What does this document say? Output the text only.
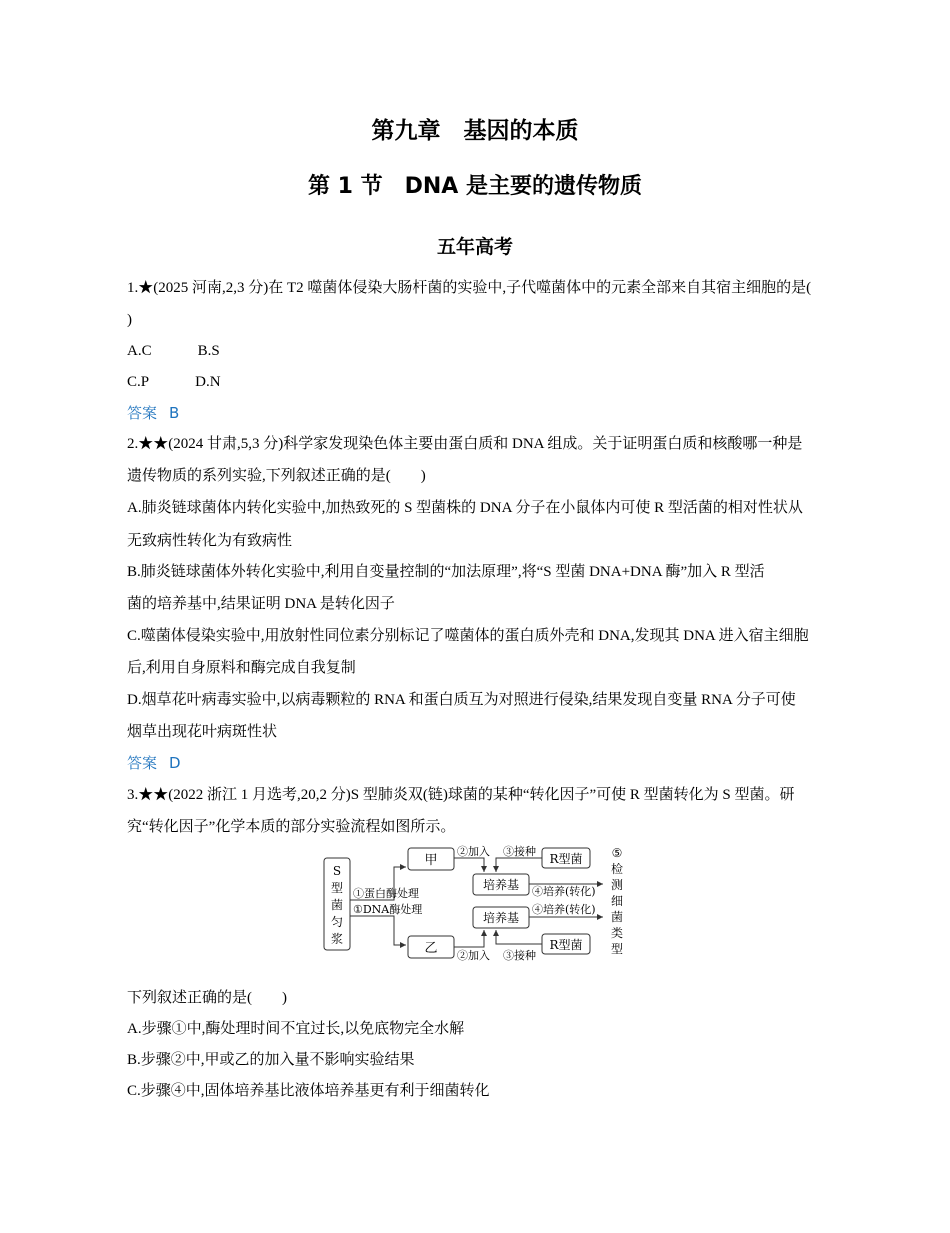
第九章　基因的本质
第 1 节　DNA 是主要的遗传物质
五年高考
1.★(2025 河南,2,3 分)在 T2 噬菌体侵染大肠杆菌的实验中,子代噬菌体中的元素全部来自其宿主细胞的是(
)
A.C	B.S
C.P	D.N
答案 B
2.★★(2024 甘肃,5,3 分)科学家发现染色体主要由蛋白质和 DNA 组成。关于证明蛋白质和核酸哪一种是
遗传物质的系列实验,下列叙述正确的是(　　)
A.肺炎链球菌体内转化实验中,加热致死的 S 型菌株的 DNA 分子在小鼠体内可使 R 型活菌的相对性状从
无致病性转化为有致病性
B.肺炎链球菌体外转化实验中,利用自变量控制的“加法原理”,将“S 型菌 DNA+DNA 酶”加入 R 型活
菌的培养基中,结果证明 DNA 是转化因子
C.噬菌体侵染实验中,用放射性同位素分别标记了噬菌体的蛋白质外壳和 DNA,发现其 DNA 进入宿主细胞
后,利用自身原料和酶完成自我复制
D.烟草花叶病毒实验中,以病毒颗粒的 RNA 和蛋白质互为对照进行侵染,结果发现自变量 RNA 分子可使
烟草出现花叶病斑性状
答案 D
3.★★(2022 浙江 1 月选考,20,2 分)S 型肺炎双(链)球菌的某种“转化因子”可使 R 型菌转化为 S 型菌。研
究“转化因子”化学本质的部分实验流程如图所示。
S
型
菌
匀
浆
①蛋白酶处理
①DNA酶处理
甲
乙
培养基
培养基
R型菌
R型菌
②加入 ③接种
②加入 ③接种
④培养(转化)
④培养(转化)
⑤
检
测
细
菌
类
型
下列叙述正确的是(　　)
A.步骤①中,酶处理时间不宜过长,以免底物完全水解
B.步骤②中,甲或乙的加入量不影响实验结果
C.步骤④中,固体培养基比液体培养基更有利于细菌转化
